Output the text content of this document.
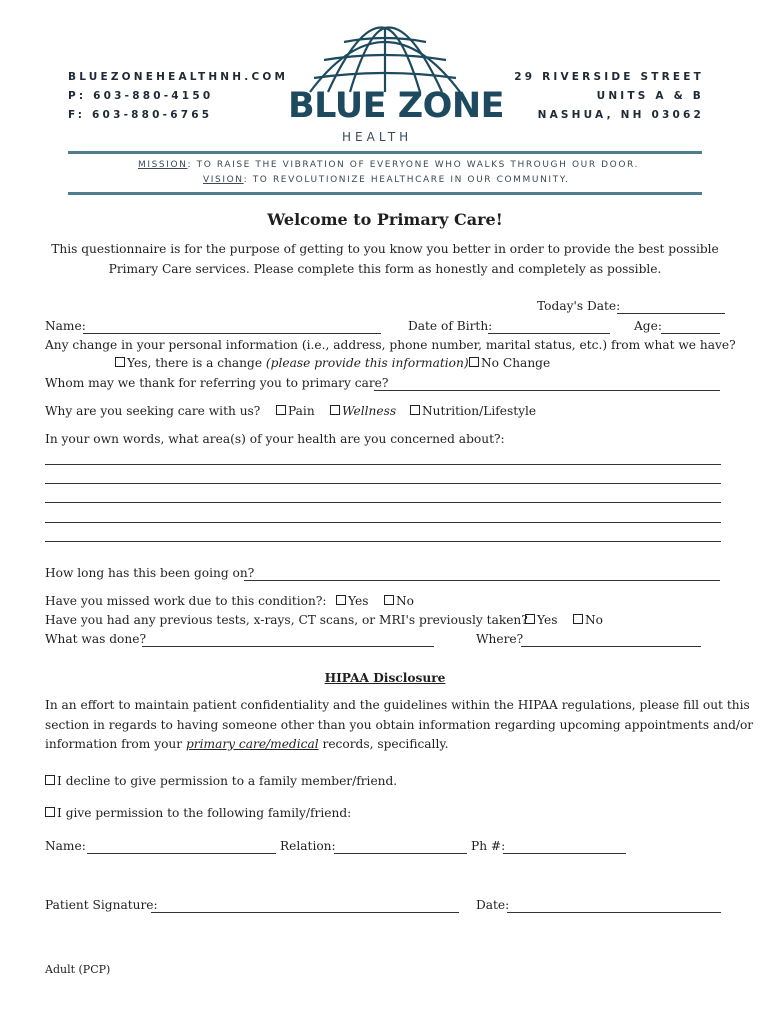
BLUEZONEHEALTHNH.COM
P: 603-880-4150
F: 603-880-6765
29 RIVERSIDE STREET
UNITS A & B
NASHUA, NH 03062
BLUE ZONE
HEALTH
MISSION: TO RAISE THE VIBRATION OF EVERYONE WHO WALKS THROUGH OUR DOOR.
VISION: TO REVOLUTIONIZE HEALTHCARE IN OUR COMMUNITY.
Welcome to Primary Care!
This questionnaire is for the purpose of getting to you know you better in order to provide the best possible
Primary Care services. Please complete this form as honestly and completely as possible.
Today's Date:
Name:	Date of Birth:	Age:
Any change in your personal information (i.e., address, phone number, marital status, etc.) from what we have?
Yes, there is a change (please provide this information)	No Change
Whom may we thank for referring you to primary care?
Why are you seeking care with us?	Pain	Wellness	Nutrition/Lifestyle
In your own words, what area(s) of your health are you concerned about?:
How long has this been going on?
Have you missed work due to this condition?:	Yes	No
Have you had any previous tests, x-rays, CT scans, or MRI's previously taken? Yes	No
What was done?	Where?
HIPAA Disclosure
In an effort to maintain patient confidentiality and the guidelines within the HIPAA regulations, please fill out this
section in regards to having someone other than you obtain information regarding upcoming appointments and/or
information from your primary care/medical records, specifically.
I decline to give permission to a family member/friend.
I give permission to the following family/friend:
Name:	Relation:	Ph #:
Patient Signature:	Date:
Adult (PCP)
